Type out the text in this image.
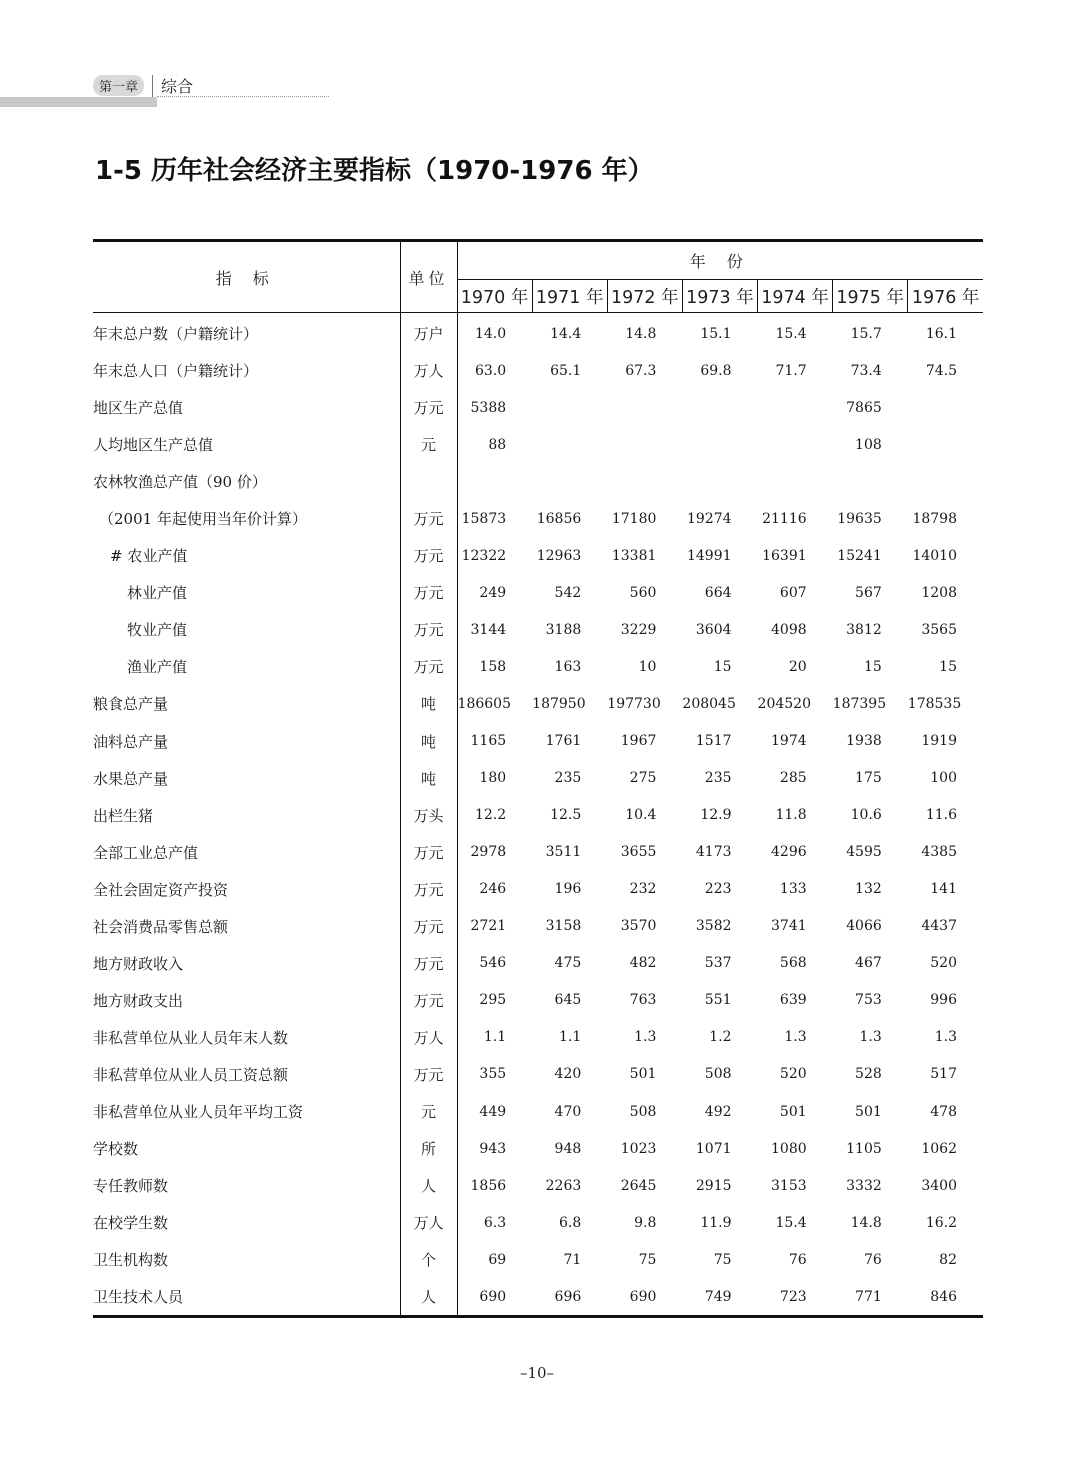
第一章	综合
1-5 历年社会经济主要指标（1970-1976 年）
指 标	单位	年 份						
		1970 年	1971 年	1972 年	1973 年	1974 年	1975 年	1976 年
年末总户数（户籍统计）	万户	14.0	14.4	14.8	15.1	15.4	15.7	16.1
年末总人口（户籍统计）	万人	63.0	65.1	67.3	69.8	71.7	73.4	74.5
地区生产总值	万元	5388					7865	
人均地区生产总值	元	88					108	
农林牧渔总产值（90 价）								
（2001 年起使用当年价计算）	万元	15873	16856	17180	19274	21116	19635	18798
# 农业产值	万元	12322	12963	13381	14991	16391	15241	14010
林业产值	万元	249	542	560	664	607	567	1208
牧业产值	万元	3144	3188	3229	3604	4098	3812	3565
渔业产值	万元	158	163	10	15	20	15	15
粮食总产量	吨	186605	187950	197730	208045	204520	187395	178535
油料总产量	吨	1165	1761	1967	1517	1974	1938	1919
水果总产量	吨	180	235	275	235	285	175	100
出栏生猪	万头	12.2	12.5	10.4	12.9	11.8	10.6	11.6
全部工业总产值	万元	2978	3511	3655	4173	4296	4595	4385
全社会固定资产投资	万元	246	196	232	223	133	132	141
社会消费品零售总额	万元	2721	3158	3570	3582	3741	4066	4437
地方财政收入	万元	546	475	482	537	568	467	520
地方财政支出	万元	295	645	763	551	639	753	996
非私营单位从业人员年末人数	万人	1.1	1.1	1.3	1.2	1.3	1.3	1.3
非私营单位从业人员工资总额	万元	355	420	501	508	520	528	517
非私营单位从业人员年平均工资	元	449	470	508	492	501	501	478
学校数	所	943	948	1023	1071	1080	1105	1062
专任教师数	人	1856	2263	2645	2915	3153	3332	3400
在校学生数	万人	6.3	6.8	9.8	11.9	15.4	14.8	16.2
卫生机构数	个	69	71	75	75	76	76	82
卫生技术人员	人	690	696	690	749	723	771	846
–10–
